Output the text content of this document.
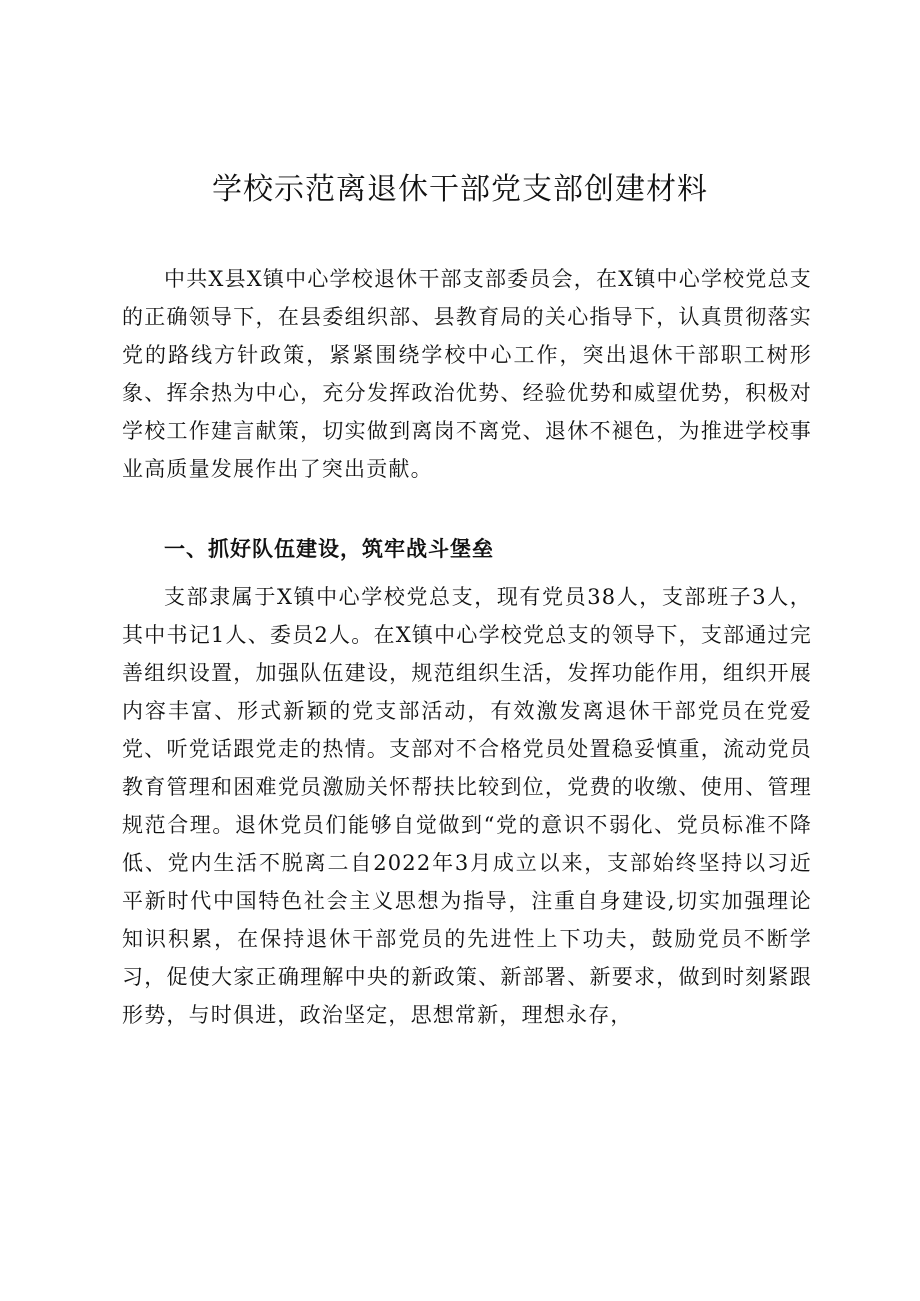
学校示范离退休干部党支部创建材料

中共X县X镇中心学校退休干部支部委员会，在X镇中心学校党总支的正确领导下，在县委组织部、县教育局的关心指导下，认真贯彻落实党的路线方针政策，紧紧围绕学校中心工作，突出退休干部职工树形象、挥余热为中心，充分发挥政治优势、经验优势和威望优势，积极对学校工作建言献策，切实做到离岗不离党、退休不褪色，为推进学校事业高质量发展作出了突出贡献。

一、抓好队伍建设，筑牢战斗堡垒

支部隶属于X镇中心学校党总支，现有党员38人，支部班子3人，其中书记1人、委员2人。在X镇中心学校党总支的领导下，支部通过完善组织设置，加强队伍建设，规范组织生活，发挥功能作用，组织开展内容丰富、形式新颖的党支部活动，有效激发离退休干部党员在党爱党、听党话跟党走的热情。支部对不合格党员处置稳妥慎重，流动党员教育管理和困难党员激励关怀帮扶比较到位，党费的收缴、使用、管理规范合理。退休党员们能够自觉做到“党的意识不弱化、党员标准不降低、党内生活不脱离二自2022年3月成立以来，支部始终坚持以习近平新时代中国特色社会主义思想为指导，注重自身建设,切实加强理论知识积累，在保持退休干部党员的先进性上下功夫，鼓励党员不断学习，促使大家正确理解中央的新政策、新部署、新要求，做到时刻紧跟形势，与时俱进，政治坚定，思想常新，理想永存，
